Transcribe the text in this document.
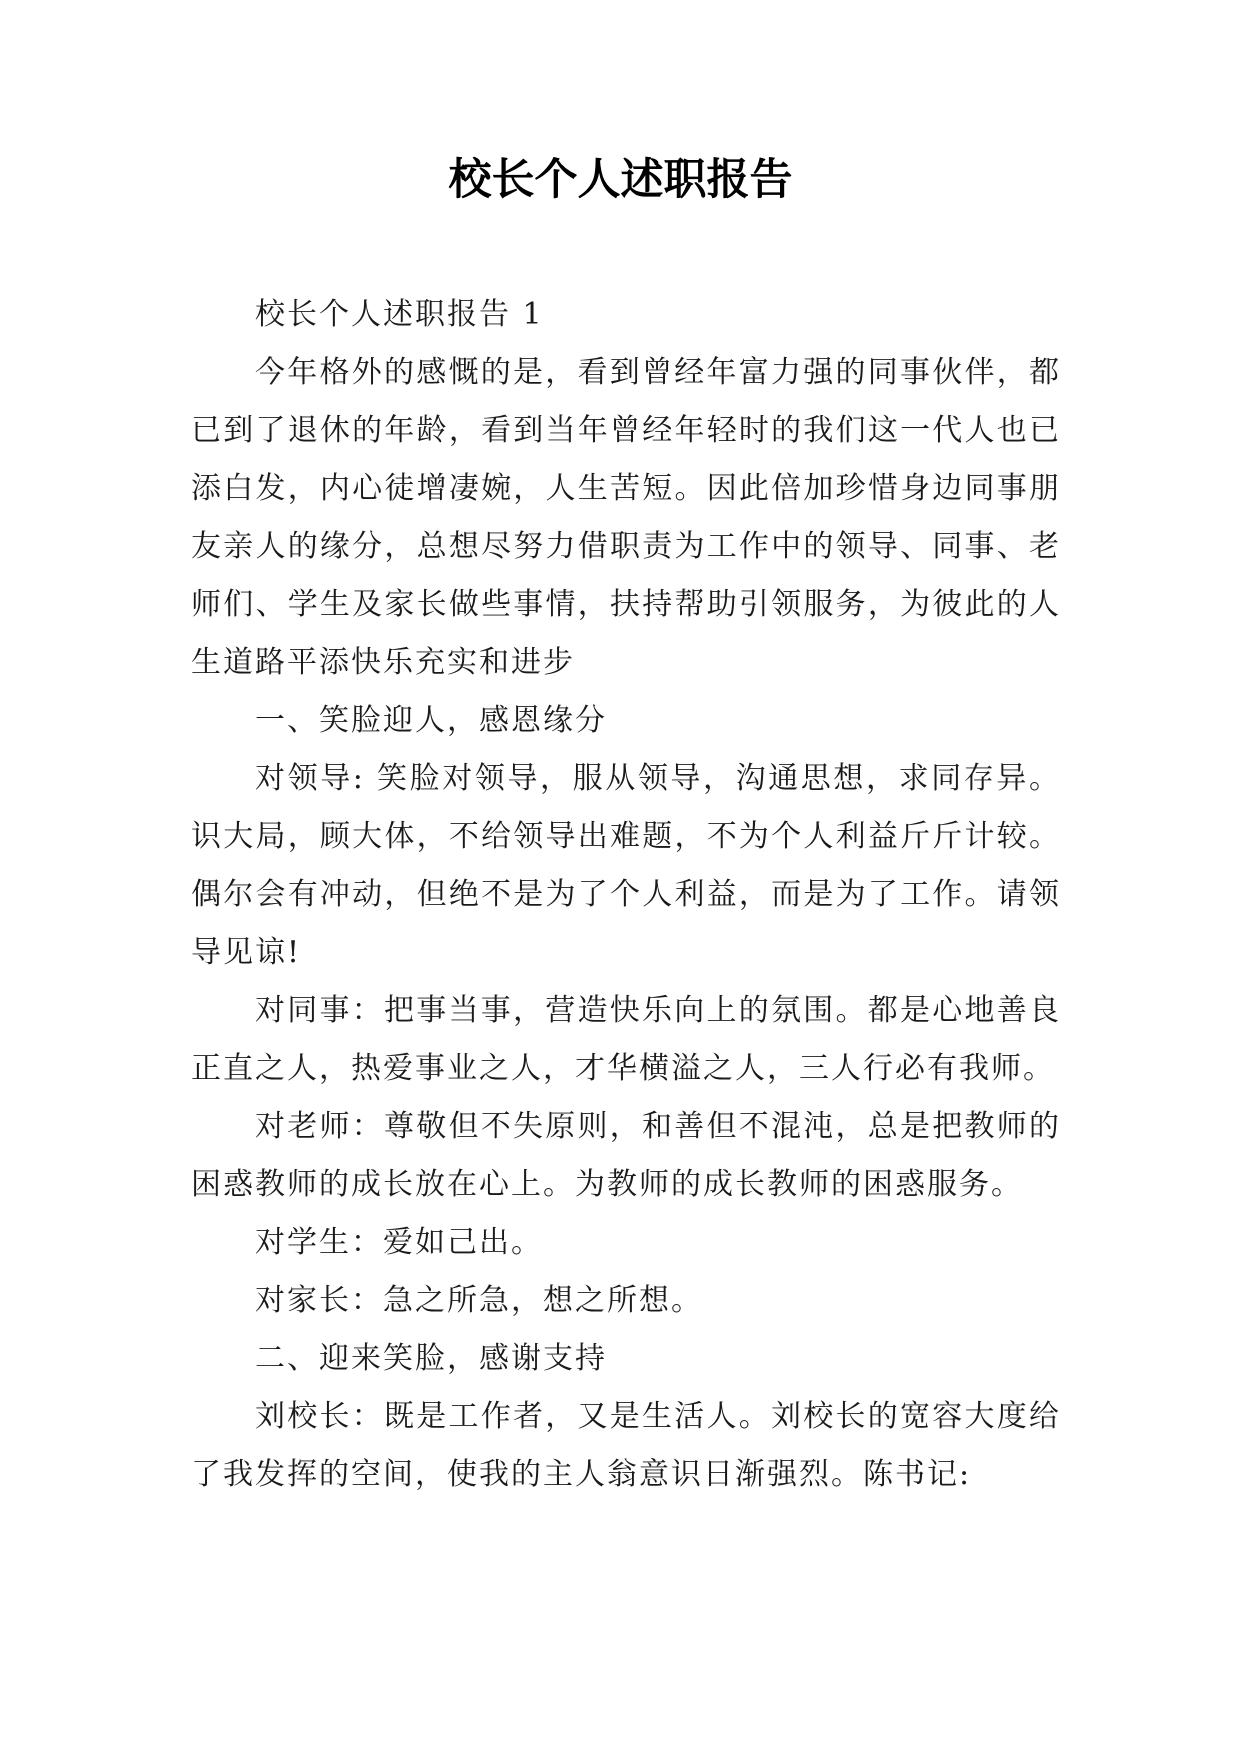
校长个人述职报告

校长个人述职报告 1

今年格外的感慨的是，看到曾经年富力强的同事伙伴，都已到了退休的年龄，看到当年曾经年轻时的我们这一代人也已添白发，内心徒增凄婉，人生苦短。因此倍加珍惜身边同事朋友亲人的缘分，总想尽努力借职责为工作中的领导、同事、老师们、学生及家长做些事情，扶持帮助引领服务，为彼此的人生道路平添快乐充实和进步

一、笑脸迎人，感恩缘分

对领导: 笑脸对领导，服从领导，沟通思想，求同存异。识大局，顾大体，不给领导出难题，不为个人利益斤斤计较。偶尔会有冲动，但绝不是为了个人利益，而是为了工作。请领导见谅!

对同事：把事当事，营造快乐向上的氛围。都是心地善良正直之人，热爱事业之人，才华横溢之人，三人行必有我师。

对老师：尊敬但不失原则，和善但不混沌，总是把教师的困惑教师的成长放在心上。为教师的成长教师的困惑服务。

对学生：爱如己出。

对家长：急之所急，想之所想。

二、迎来笑脸，感谢支持

刘校长：既是工作者，又是生活人。刘校长的宽容大度给了我发挥的空间，使我的主人翁意识日渐强烈。陈书记:
